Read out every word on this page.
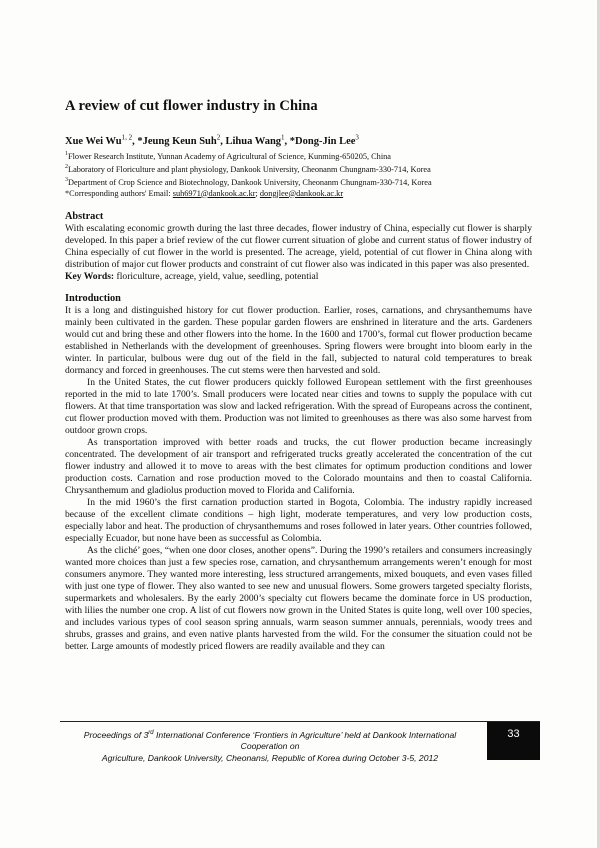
A review of cut flower industry in China
Xue Wei Wu$^{1, 2}$, *Jeung Keun Suh$^2$, Lihua Wang$^1$, *Dong-Jin Lee$^3$
$^1$Flower Research Institute, Yunnan Academy of Agricultural of Science, Kunming-650205, China
$^2$Laboratory of Floriculture and plant physiology, Dankook University, Cheonanm Chungnam-330-714, Korea
$^3$Department of Crop Science and Biotechnology, Dankook University, Cheonanm Chungnam-330-714, Korea
*Corresponding authors' Email: suh6971@dankook.ac.kr; dongjlee@dankook.ac.kr
Abstract

With escalating economic growth during the last three decades, flower industry of China, especially cut flower is sharply developed. In this paper a brief review of the cut flower current situation of globe and current status of flower industry of China especially of cut flower in the world is presented. The acreage, yield, potential of cut flower in China along with distribution of major cut flower products and constraint of cut flower also was indicated in this paper was also presented.

Key Words: floriculture, acreage, yield, value, seedling, potential

Introduction

It is a long and distinguished history for cut flower production. Earlier, roses, carnations, and chrysanthemums have mainly been cultivated in the garden. These popular garden flowers are enshrined in literature and the arts. Gardeners would cut and bring these and other flowers into the home. In the 1600 and 1700’s, formal cut flower production became established in Netherlands with the development of greenhouses. Spring flowers were brought into bloom early in the winter. In particular, bulbous were dug out of the field in the fall, subjected to natural cold temperatures to break dormancy and forced in greenhouses. The cut stems were then harvested and sold.

In the United States, the cut flower producers quickly followed European settlement with the first greenhouses reported in the mid to late 1700’s. Small producers were located near cities and towns to supply the populace with cut flowers. At that time transportation was slow and lacked refrigeration. With the spread of Europeans across the continent, cut flower production moved with them. Production was not limited to greenhouses as there was also some harvest from outdoor grown crops.

As transportation improved with better roads and trucks, the cut flower production became increasingly concentrated. The development of air transport and refrigerated trucks greatly accelerated the concentration of the cut flower industry and allowed it to move to areas with the best climates for optimum production conditions and lower production costs. Carnation and rose production moved to the Colorado mountains and then to coastal California. Chrysanthemum and gladiolus production moved to Florida and California.

In the mid 1960’s the first carnation production started in Bogota, Colombia. The industry rapidly increased because of the excellent climate conditions – high light, moderate temperatures, and very low production costs, especially labor and heat. The production of chrysanthemums and roses followed in later years. Other countries followed, especially Ecuador, but none have been as successful as Colombia.

As the cliché’ goes, “when one door closes, another opens”. During the 1990’s retailers and consumers increasingly wanted more choices than just a few species rose, carnation, and chrysanthemum arrangements weren’t enough for most consumers anymore. They wanted more interesting, less structured arrangements, mixed bouquets, and even vases filled with just one type of flower. They also wanted to see new and unusual flowers. Some growers targeted specialty florists, supermarkets and wholesalers. By the early 2000’s specialty cut flowers became the dominate force in US production, with lilies the number one crop. A list of cut flowers now grown in the United States is quite long, well over 100 species, and includes various types of cool season spring annuals, warm season summer annuals, perennials, woody trees and shrubs, grasses and grains, and even native plants harvested from the wild. For the consumer the situation could not be better. Large amounts of modestly priced flowers are readily available and they can

Proceedings of 3rd International Conference ‘Frontiers in Agriculture’ held at Dankook International Cooperation on
Agriculture, Dankook University, Cheonansi, Republic of Korea during October 3-5, 2012
33
